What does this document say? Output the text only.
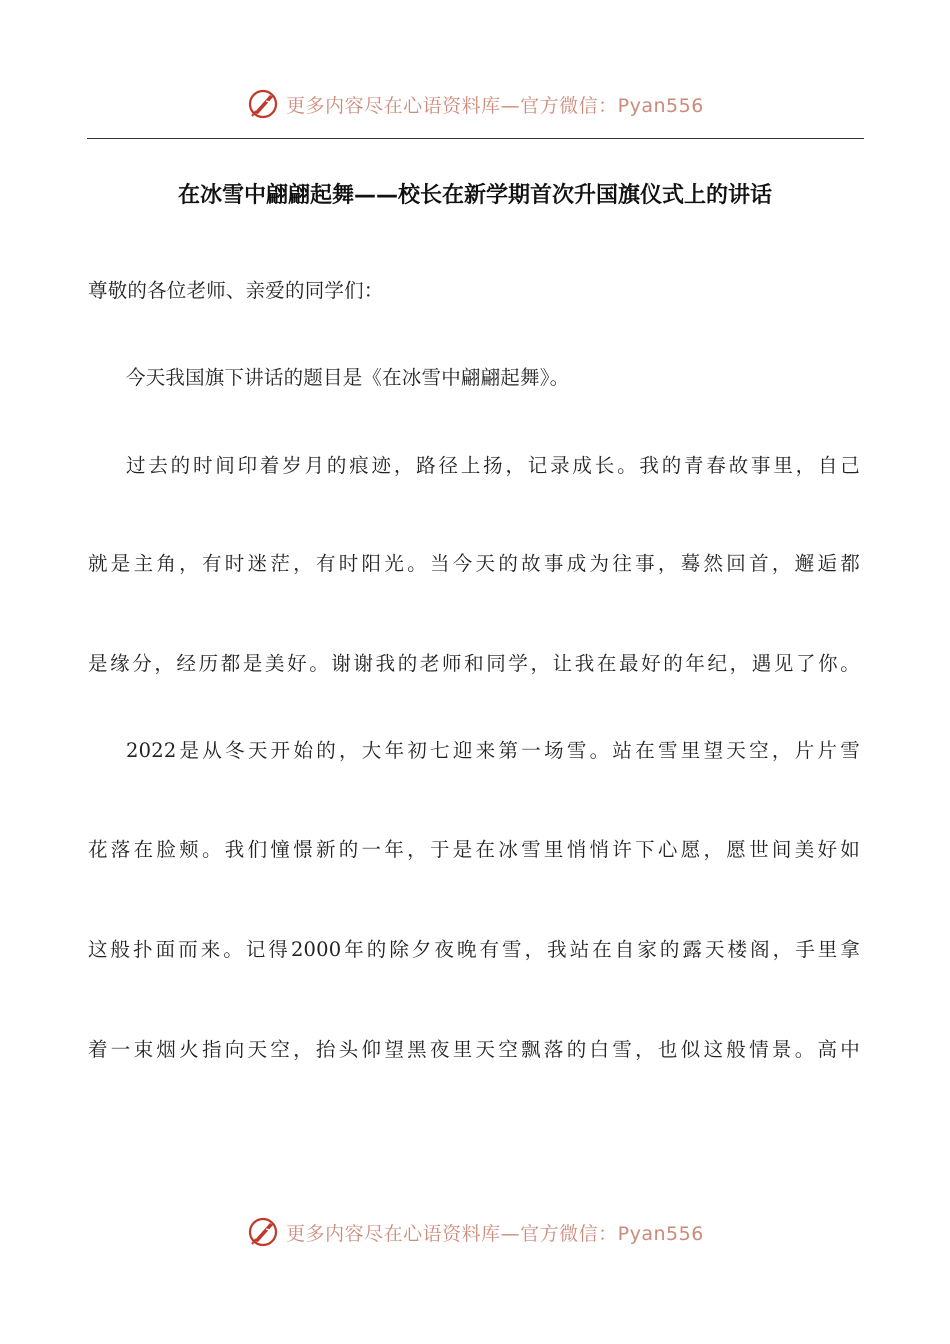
更多内容尽在心语资料库—官方微信：Pyan556
在冰雪中翩翩起舞——校长在新学期首次升国旗仪式上的讲话
尊敬的各位老师、亲爱的同学们：
今天我国旗下讲话的题目是《在冰雪中翩翩起舞》。
过去的时间印着岁月的痕迹，路径上扬，记录成长。我的青春故事里，自己
就是主角，有时迷茫，有时阳光。当今天的故事成为往事，蓦然回首，邂逅都
是缘分，经历都是美好。谢谢我的老师和同学，让我在最好的年纪，遇见了你。
2022是从冬天开始的，大年初七迎来第一场雪。站在雪里望天空，片片雪
花落在脸颊。我们憧憬新的一年，于是在冰雪里悄悄许下心愿，愿世间美好如
这般扑面而来。记得2000年的除夕夜晚有雪，我站在自家的露天楼阁，手里拿
着一束烟火指向天空，抬头仰望黑夜里天空飘落的白雪，也似这般情景。高中
更多内容尽在心语资料库—官方微信：Pyan556
